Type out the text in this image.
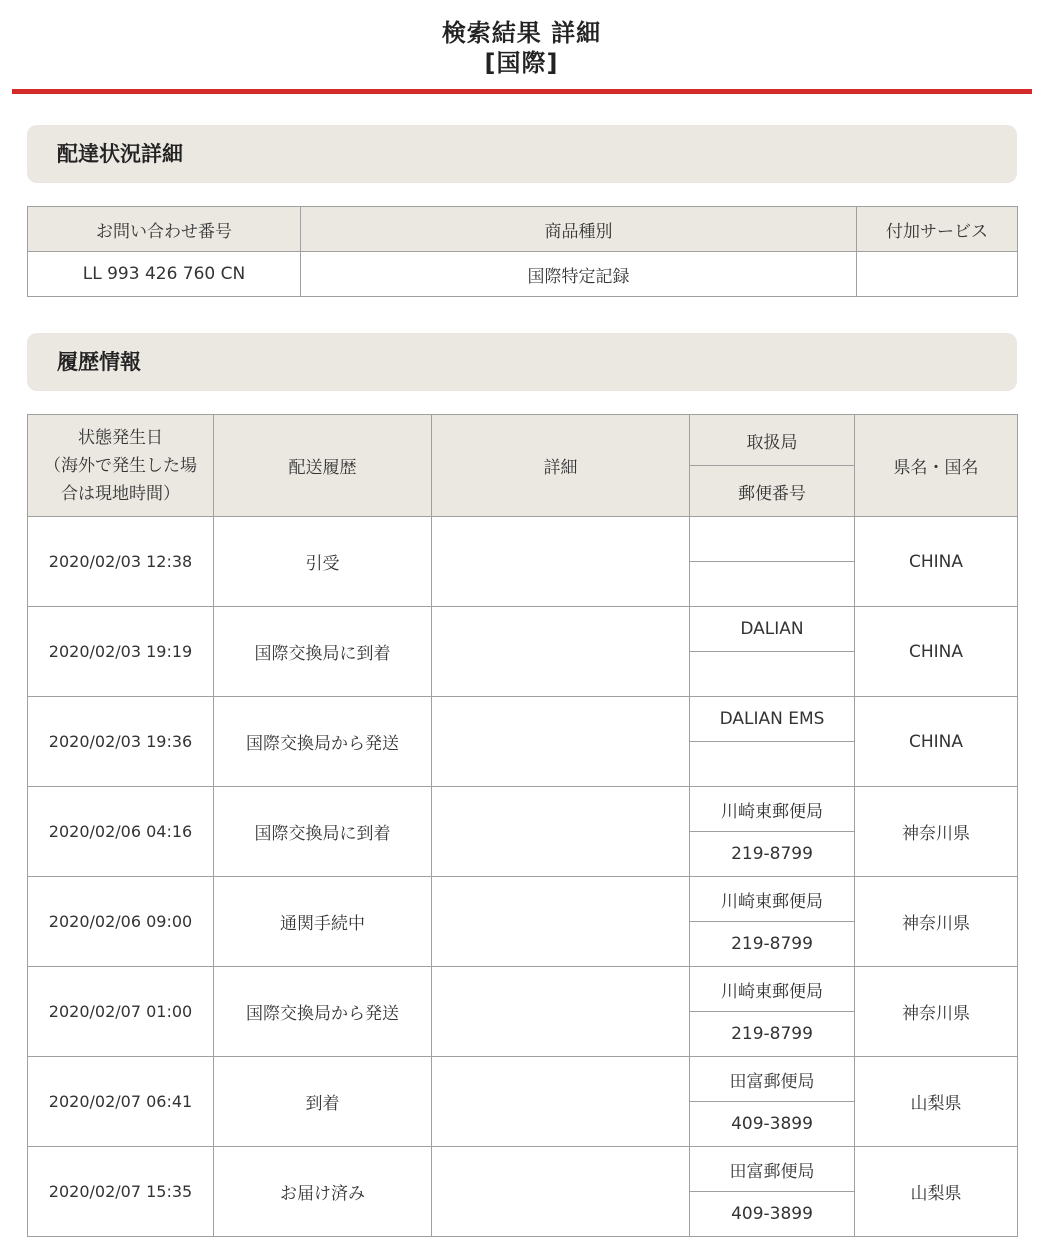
検索結果 詳細
[国際]
配達状況詳細
お問い合わせ番号	商品種別	付加サービス
LL 993 426 760 CN	国際特定記録	
履歴情報
状態発生日
（海外で発生した場
合は現地時間）	配送履歴	詳細	取扱局	県名・国名
			郵便番号	
2020/02/03 12:38	引受			CHINA

2020/02/03 19:19	国際交換局に到着		DALIAN	CHINA

2020/02/03 19:36	国際交換局から発送		DALIAN EMS	CHINA

2020/02/06 04:16	国際交換局に到着		川崎東郵便局	神奈川県
			219-8799	
2020/02/06 09:00	通関手続中		川崎東郵便局	神奈川県
			219-8799	
2020/02/07 01:00	国際交換局から発送		川崎東郵便局	神奈川県
			219-8799	
2020/02/07 06:41	到着		田富郵便局	山梨県
			409-3899	
2020/02/07 15:35	お届け済み		田富郵便局	山梨県
			409-3899	
